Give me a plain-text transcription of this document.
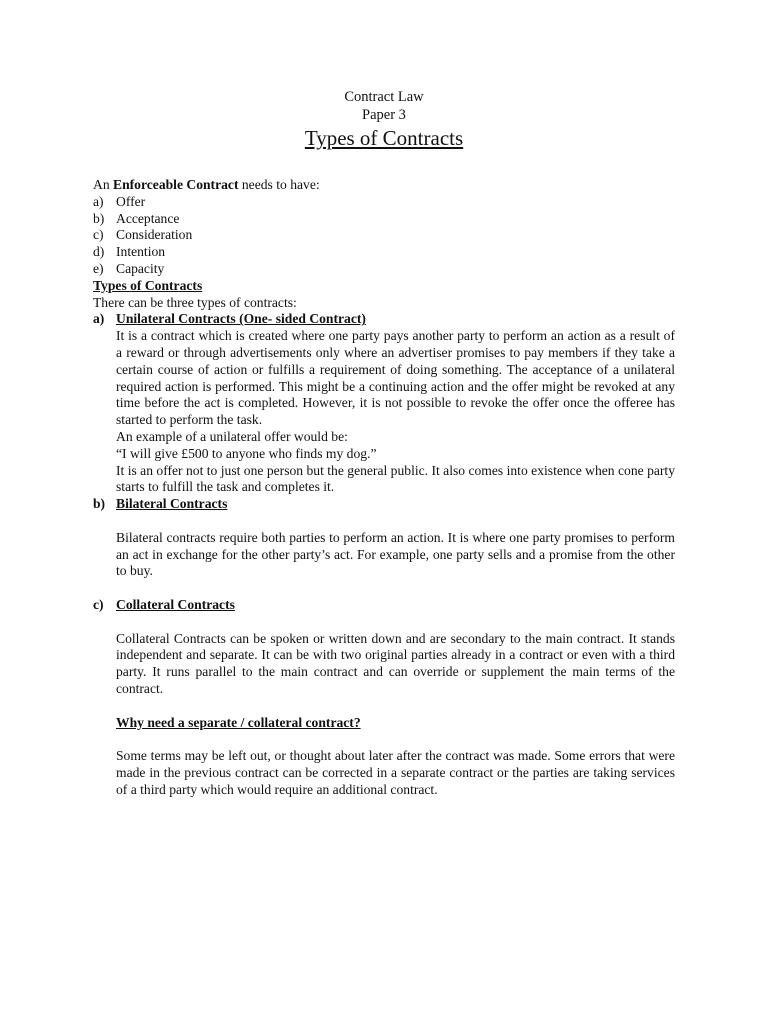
Contract Law
Paper 3
Types of Contracts

An Enforceable Contract needs to have:

a) Offer
b) Acceptance
c) Consideration
d) Intention
e) Capacity

Types of Contracts

There can be three types of contracts:

a) Unilateral Contracts (One- sided Contract)

It is a contract which is created where one party pays another party to perform an action as a result of a reward or through advertisements only where an advertiser promises to pay members if they take a certain course of action or fulfills a requirement of doing something. The acceptance of a unilateral required action is performed. This might be a continuing action and the offer might be revoked at any time before the act is completed. However, it is not possible to revoke the offer once the offeree has started to perform the task.

An example of a unilateral offer would be:

“I will give £500 to anyone who finds my dog.”

It is an offer not to just one person but the general public. It also comes into existence when cone party starts to fulfill the task and completes it.

b) Bilateral Contracts

Bilateral contracts require both parties to perform an action. It is where one party promises to perform an act in exchange for the other party’s act. For example, one party sells and a promise from the other to buy.

c) Collateral Contracts

Collateral Contracts can be spoken or written down and are secondary to the main contract. It stands independent and separate. It can be with two original parties already in a contract or even with a third party. It runs parallel to the main contract and can override or supplement the main terms of the contract.

Why need a separate / collateral contract?

Some terms may be left out, or thought about later after the contract was made. Some errors that were made in the previous contract can be corrected in a separate contract or the parties are taking services of a third party which would require an additional contract.
